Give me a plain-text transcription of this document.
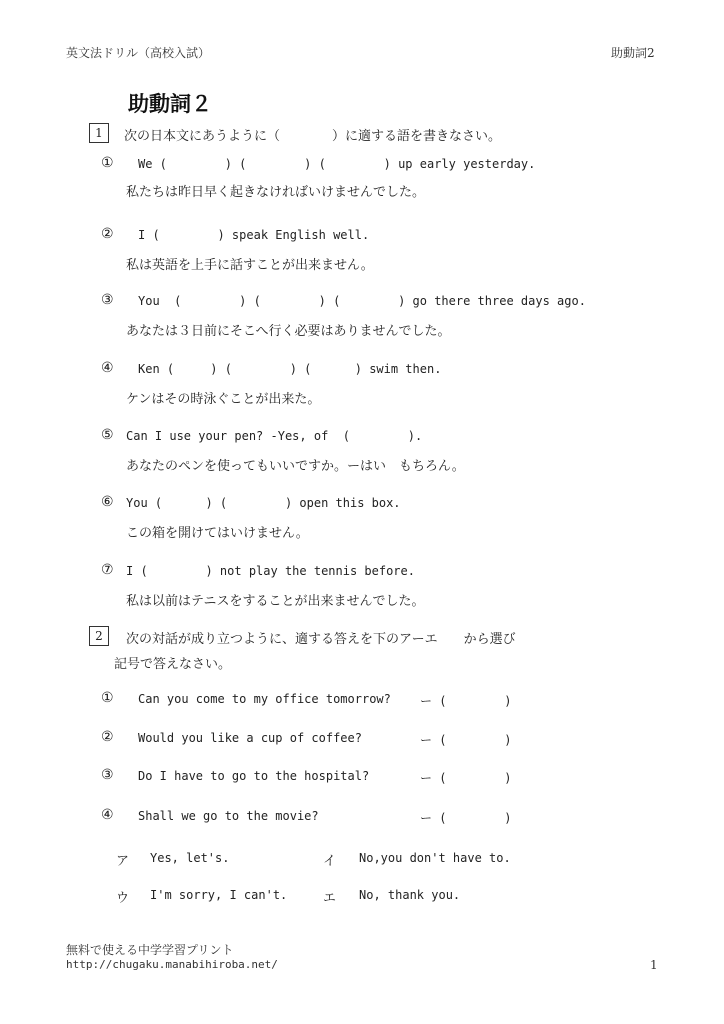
英文法ドリル（高校入試）	助動詞2
助動詞２
1	次の日本文にあうように（　　　　）に適する語を書きなさい。
① We (        ) (        ) (        ) up early yesterday.
私たちは昨日早く起きなければいけませんでした。
② I (        ) speak English well.
私は英語を上手に話すことが出来ません。
③ You  (        ) (        ) (        ) go there three days ago.
あなたは３日前にそこへ行く必要はありませんでした。
④ Ken (     ) (        ) (      ) swim then.
ケンはその時泳ぐことが出来た。
⑤ Can I use your pen? -Yes, of  (        ).
あなたのペンを使ってもいいですか。ーはい　もちろん。
⑥ You (      ) (        ) open this box.
この箱を開けてはいけません。
⑦ I (        ) not play the tennis before.
私は以前はテニスをすることが出来ませんでした。
2	次の対話が成り立つように、適する答えを下のアーエ　　から選び
記号で答えなさい。
① Can you come to my office tomorrow? ー (        )
② Would you like a cup of coffee?	ー (        )
③ Do I have to go to the hospital?	ー (        )
④ Shall we go to the movie?	ー (        )
ア Yes, let's.	イ No,you don't have to.
ウ I'm sorry, I can't.	エ No, thank you.
無料で使える中学学習プリント
http://chugaku.manabihiroba.net/	1
